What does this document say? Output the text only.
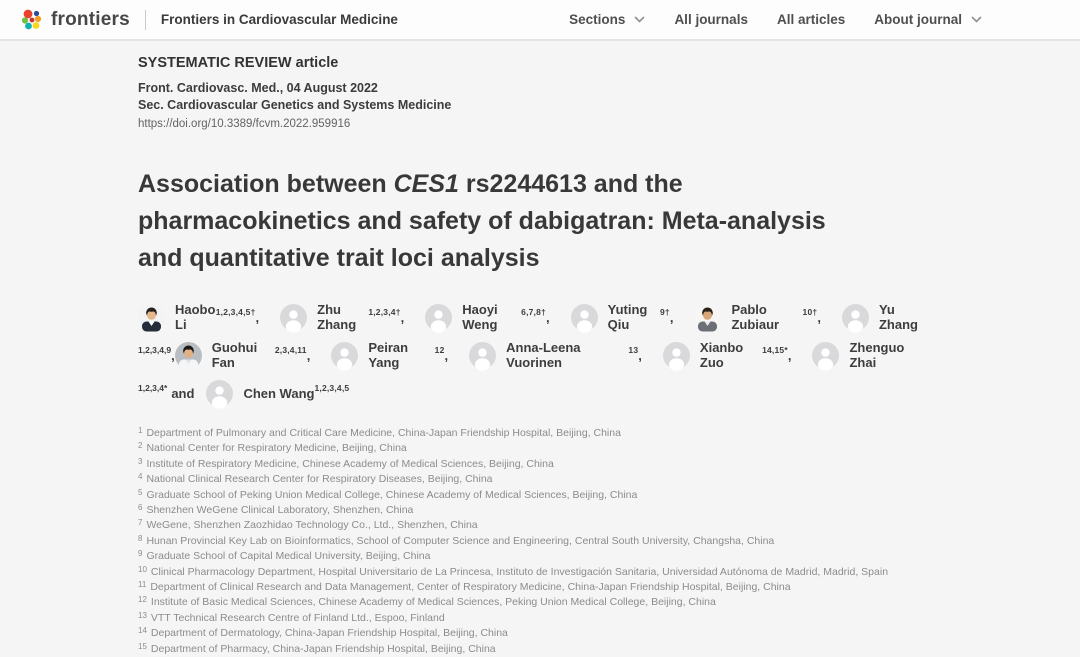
frontiers Frontiers in Cardiovascular Medicine	Sections	All journals All articles About journal
SYSTEMATIC REVIEW article
Front. Cardiovasc. Med., 04 August 2022
Sec. Cardiovascular Genetics and Systems Medicine
https://doi.org/10.3389/fcvm.2022.959916
Association between CES1 rs2244613 and the
pharmacokinetics and safety of dabigatran: Meta-analysis
and quantitative trait loci analysis
Haobo Li
1,2,3,4,5† ,	Zhu Zhang
1,2,3,4† ,	Haoyi Weng
6,7,8† ,	Yuting Qiu
9† ,	Pablo Zubiaur
10† ,	Yu Zhang
1,2,3,4,9 ,	Guohui Fan
2,3,4,11 ,	Peiran Yang
12 ,	Anna-Leena Vuorinen
13 ,	Xianbo Zuo
14,15* ,	Zhenguo Zhai
1,2,3,4* and	Chen Wang 1,2,3,4,5
$^1$ Department of Pulmonary and Critical Care Medicine, China-Japan Friendship Hospital, Beijing, China
$^2$ National Center for Respiratory Medicine, Beijing, China
$^3$ Institute of Respiratory Medicine, Chinese Academy of Medical Sciences, Beijing, China
$^4$ National Clinical Research Center for Respiratory Diseases, Beijing, China
$^5$ Graduate School of Peking Union Medical College, Chinese Academy of Medical Sciences, Beijing, China
$^6$ Shenzhen WeGene Clinical Laboratory, Shenzhen, China
$^7$ WeGene, Shenzhen Zaozhidao Technology Co., Ltd., Shenzhen, China
$^8$ Hunan Provincial Key Lab on Bioinformatics, School of Computer Science and Engineering, Central South University, Changsha, China
$^9$ Graduate School of Capital Medical University, Beijing, China
$^{10}$ Clinical Pharmacology Department, Hospital Universitario de La Princesa, Instituto de Investigación Sanitaria, Universidad Autónoma de Madrid, Madrid, Spain
$^{11}$ Department of Clinical Research and Data Management, Center of Respiratory Medicine, China-Japan Friendship Hospital, Beijing, China
$^{12}$ Institute of Basic Medical Sciences, Chinese Academy of Medical Sciences, Peking Union Medical College, Beijing, China
$^{13}$ VTT Technical Research Centre of Finland Ltd., Espoo, Finland
$^{14}$ Department of Dermatology, China-Japan Friendship Hospital, Beijing, China
$^{15}$ Department of Pharmacy, China-Japan Friendship Hospital, Beijing, China
